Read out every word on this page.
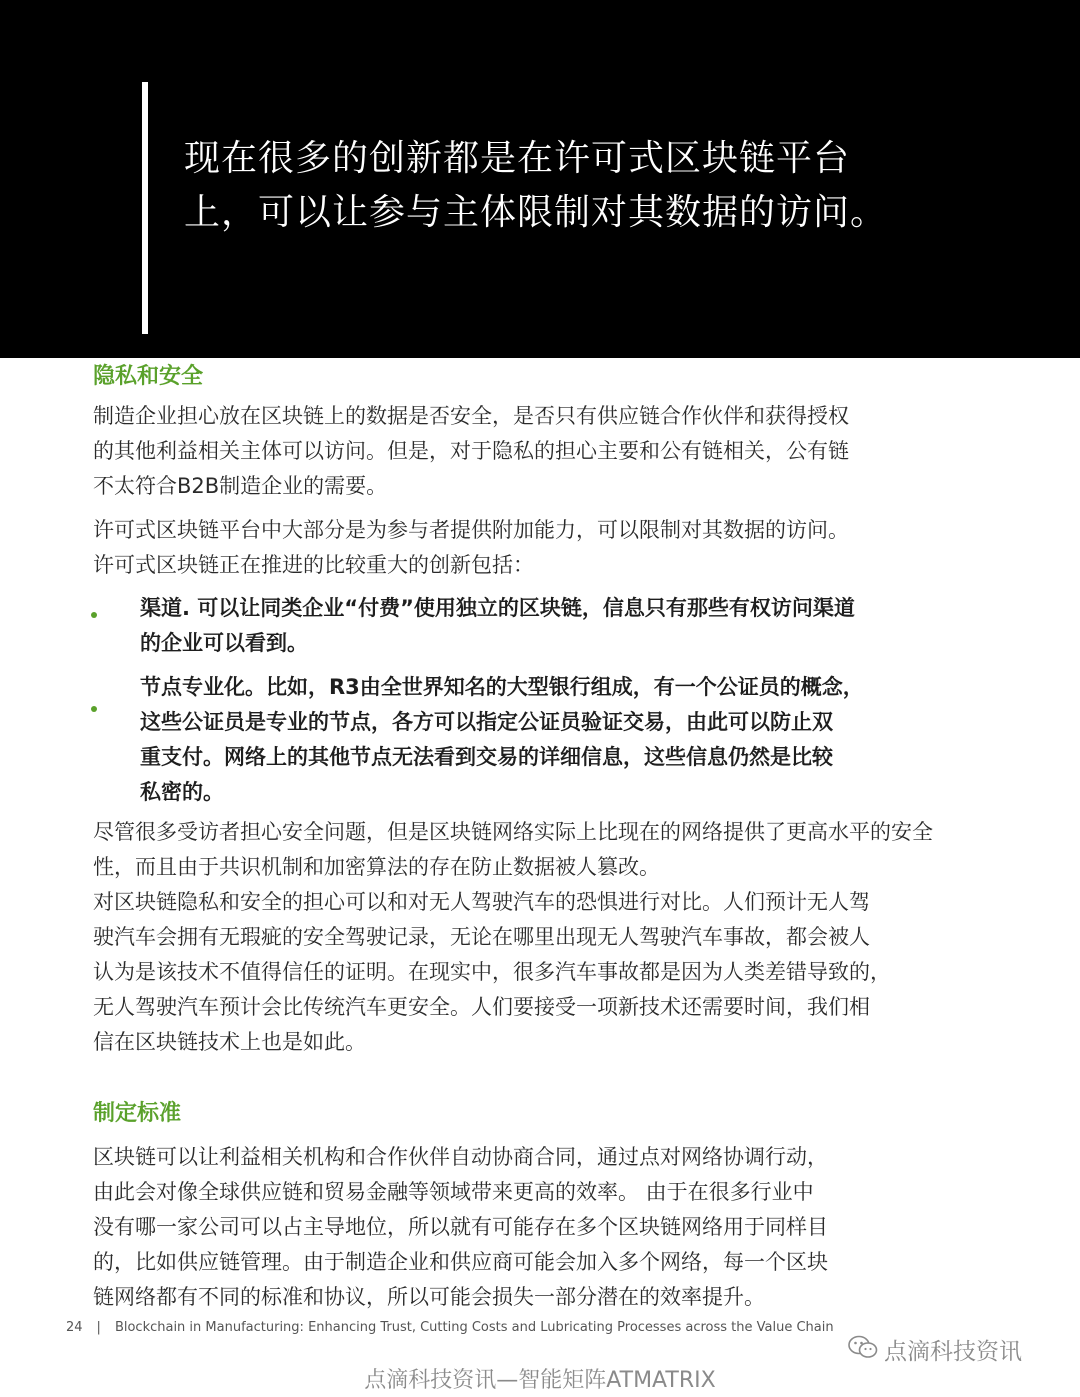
现在很多的创新都是在许可式区块链平台
上，可以让参与主体限制对其数据的访问。
隐私和安全
制造企业担心放在区块链上的数据是否安全，是否只有供应链合作伙伴和获得授权
的其他利益相关主体可以访问。但是，对于隐私的担心主要和公有链相关，公有链
不太符合B2B制造企业的需要。
许可式区块链平台中大部分是为参与者提供附加能力，可以限制对其数据的访问。
许可式区块链正在推进的比较重大的创新包括：
渠道. 可以让同类企业“付费”使用独立的区块链，信息只有那些有权访问渠道
的企业可以看到。
节点专业化。比如，R3由全世界知名的大型银行组成，有一个公证员的概念，
这些公证员是专业的节点，各方可以指定公证员验证交易，由此可以防止双
重支付。网络上的其他节点无法看到交易的详细信息，这些信息仍然是比较
私密的。
尽管很多受访者担心安全问题，但是区块链网络实际上比现在的网络提供了更高水平的安全
性，而且由于共识机制和加密算法的存在防止数据被人篡改。
对区块链隐私和安全的担心可以和对无人驾驶汽车的恐惧进行对比。人们预计无人驾
驶汽车会拥有无瑕疵的安全驾驶记录，无论在哪里出现无人驾驶汽车事故，都会被人
认为是该技术不值得信任的证明。在现实中，很多汽车事故都是因为人类差错导致的，
无人驾驶汽车预计会比传统汽车更安全。人们要接受一项新技术还需要时间，我们相
信在区块链技术上也是如此。
制定标准
区块链可以让利益相关机构和合作伙伴自动协商合同，通过点对网络协调行动，
由此会对像全球供应链和贸易金融等领域带来更高的效率。 由于在很多行业中
没有哪一家公司可以占主导地位，所以就有可能存在多个区块链网络用于同样目
的，比如供应链管理。由于制造企业和供应商可能会加入多个网络，每一个区块
链网络都有不同的标准和协议，所以可能会损失一部分潜在的效率提升。
24 | Blockchain in Manufacturing: Enhancing Trust, Cutting Costs and Lubricating Processes across the Value Chain
点滴科技资讯
点滴科技资讯—智能矩阵ATMATRIX
